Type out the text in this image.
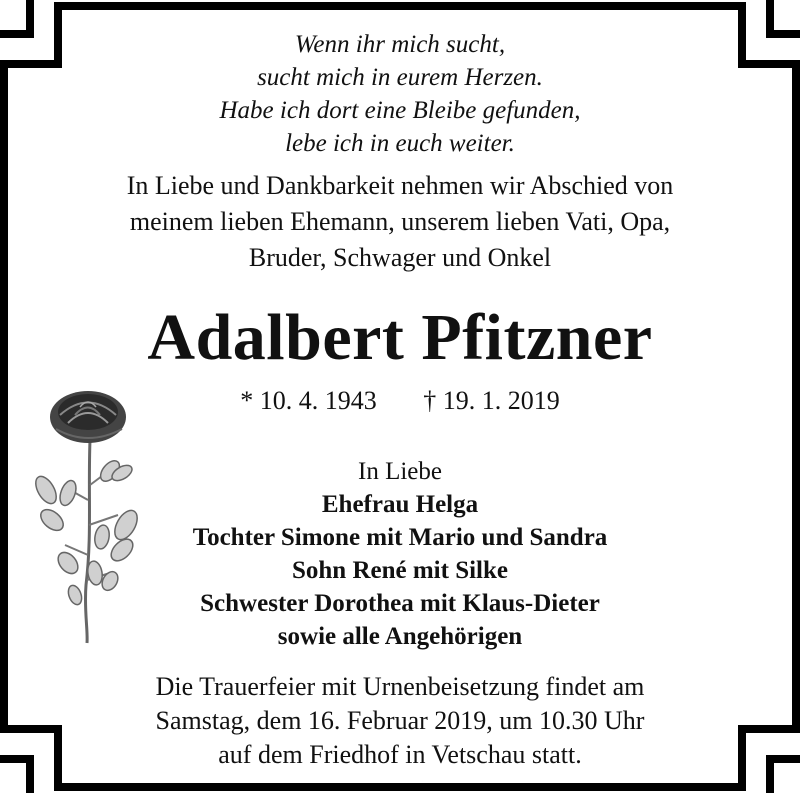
Wenn ihr mich sucht,
sucht mich in eurem Herzen.
Habe ich dort eine Bleibe gefunden,
lebe ich in euch weiter.
In Liebe und Dankbarkeit nehmen wir Abschied von
meinem lieben Ehemann, unserem lieben Vati, Opa,
Bruder, Schwager und Onkel
Adalbert Pfitzner
* 10. 4. 1943 † 19. 1. 2019
In Liebe
Ehefrau Helga
Tochter Simone mit Mario und Sandra
Sohn René mit Silke
Schwester Dorothea mit Klaus-Dieter
sowie alle Angehörigen
Die Trauerfeier mit Urnenbeisetzung findet am
Samstag, dem 16. Februar 2019, um 10.30 Uhr
auf dem Friedhof in Vetschau statt.
